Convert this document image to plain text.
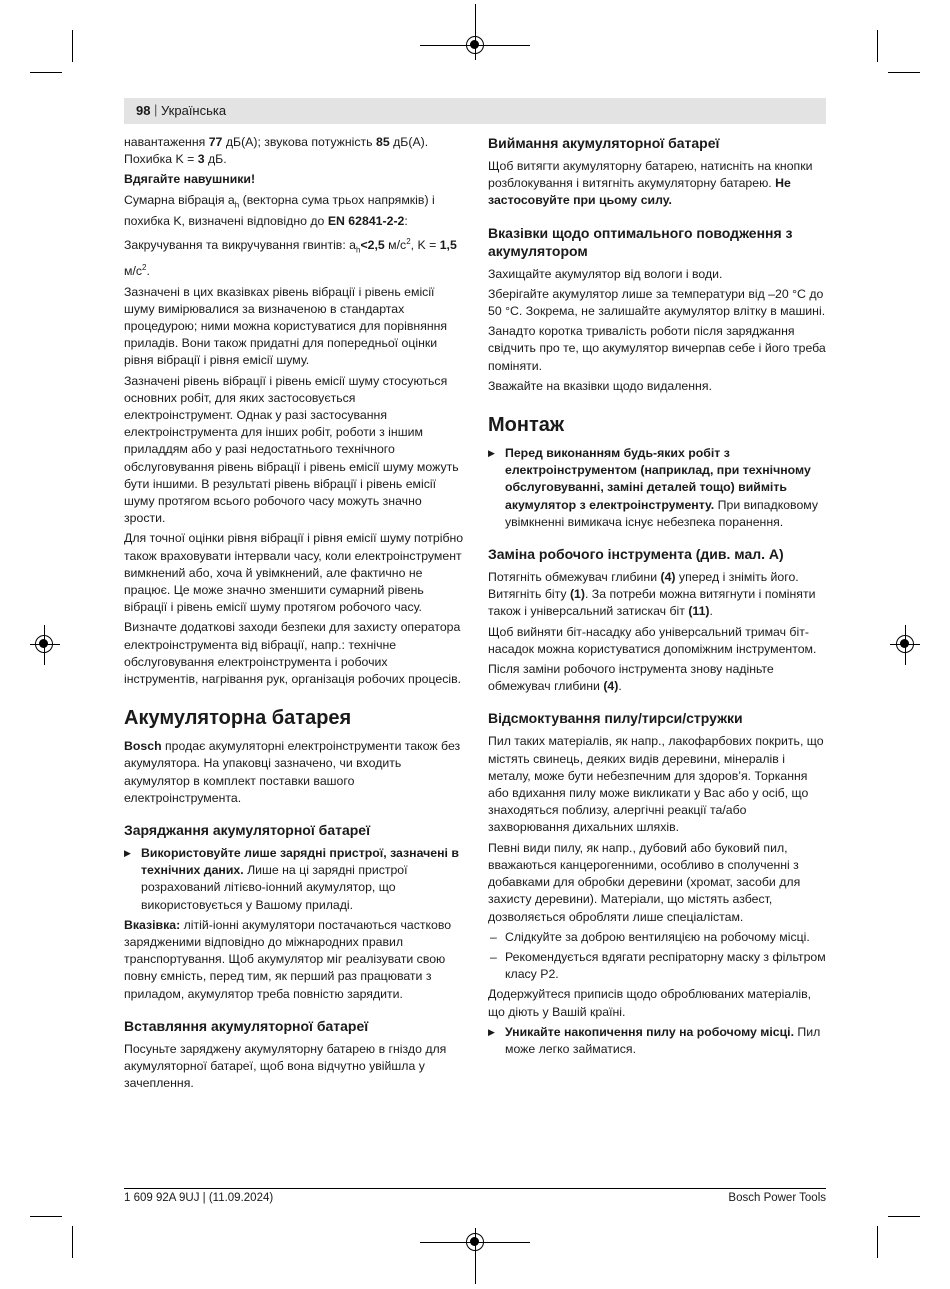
98 | Українська

навантаження 77 дБ(A); звукова потужність 85 дБ(A). Похибка K = 3 дБ.

Вдягайте навушники!

Сумарна вібрація $a_h$ (векторна сума трьох напрямків) і похибка K, визначені відповідно до EN 62841-2-2:

Закручування та викручування гвинтів: $a_h<2,5$ $м/с^2$, K = 1,5 $м/с^2$.

Зазначені в цих вказівках рівень вібрації і рівень емісії шуму вимірювалися за визначеною в стандартах процедурою; ними можна користуватися для порівняння приладів. Вони також придатні для попередньої оцінки рівня вібрації і рівня емісії шуму.

Зазначені рівень вібрації і рівень емісії шуму стосуються основних робіт, для яких застосовується електроінструмент. Однак у разі застосування електроінструмента для інших робіт, роботи з іншим приладдям або у разі недостатнього технічного обслуговування рівень вібрації і рівень емісії шуму можуть бути іншими. В результаті рівень вібрації і рівень емісії шуму протягом всього робочого часу можуть значно зрости.

Для точної оцінки рівня вібрації і рівня емісії шуму потрібно також враховувати інтервали часу, коли електроінструмент вимкнений або, хоча й увімкнений, але фактично не працює. Це може значно зменшити сумарний рівень вібрації і рівень емісії шуму протягом робочого часу.

Визначте додаткові заходи безпеки для захисту оператора електроінструмента від вібрації, напр.: технічне обслуговування електроінструмента і робочих інструментів, нагрівання рук, організація робочих процесів.

Акумуляторна батарея

Bosch продає акумуляторні електроінструменти також без акумулятора. На упаковці зазначено, чи входить акумулятор в комплект поставки вашого електроінструмента.

Заряджання акумуляторної батареї

▶ Використовуйте лише зарядні пристрої, зазначені в технічних даних. Лише на ці зарядні пристрої розрахований літієво-іонний акумулятор, що використовується у Вашому приладі.

Вказівка: літій-іонні акумулятори постачаються частково зарядженими відповідно до міжнародних правил транспортування. Щоб акумулятор міг реалізувати свою повну ємність, перед тим, як перший раз працювати з приладом, акумулятор треба повністю зарядити.

Вставляння акумуляторної батареї

Посуньте заряджену акумуляторну батарею в гніздо для акумуляторної батареї, щоб вона відчутно увійшла у зачеплення.

Виймання акумуляторної батареї

Щоб витягти акумуляторну батарею, натисніть на кнопки розблокування і витягніть акумуляторну батарею. Не застосовуйте при цьому силу.

Вказівки щодо оптимального поводження з акумулятором

Захищайте акумулятор від вологи і води.

Зберігайте акумулятор лише за температури від –20 °C до 50 °C. Зокрема, не залишайте акумулятор влітку в машині.

Занадто коротка тривалість роботи після заряджання свідчить про те, що акумулятор вичерпав себе і його треба поміняти.

Зважайте на вказівки щодо видалення.

Монтаж

▶ Перед виконанням будь-яких робіт з електроінструментом (наприклад, при технічному обслуговуванні, заміні деталей тощо) вийміть акумулятор з електроінструменту. При випадковому увімкненні вимикача існує небезпека поранення.

Заміна робочого інструмента (див. мал. A)

Потягніть обмежувач глибини (4) уперед і зніміть його. Витягніть біту (1). За потреби можна витягнути і поміняти також і універсальний затискач біт (11).

Щоб вийняти біт-насадку або універсальний тримач біт-насадок можна користуватися допоміжним інструментом.

Після заміни робочого інструмента знову надіньте обмежувач глибини (4).

Відсмоктування пилу/тирси/стружки

Пил таких матеріалів, як напр., лакофарбових покрить, що містять свинець, деяких видів деревини, мінералів і металу, може бути небезпечним для здоров’я. Торкання або вдихання пилу може викликати у Вас або у осіб, що знаходяться поблизу, алергічні реакції та/або захворювання дихальних шляхів.

Певні види пилу, як напр., дубовий або буковий пил, вважаються канцерогенними, особливо в сполученні з добавками для обробки деревини (хромат, засоби для захисту деревини). Матеріали, що містять азбест, дозволяється обробляти лише спеціалістам.

– Слідкуйте за доброю вентиляцією на робочому місці.

– Рекомендується вдягати респіраторну маску з фільтром класу P2.

Додержуйтеся приписів щодо оброблюваних матеріалів, що діють у Вашій країні.

▶ Уникайте накопичення пилу на робочому місці. Пил може легко займатися.

1 609 92A 9UJ | (11.09.2024)	Bosch Power Tools
